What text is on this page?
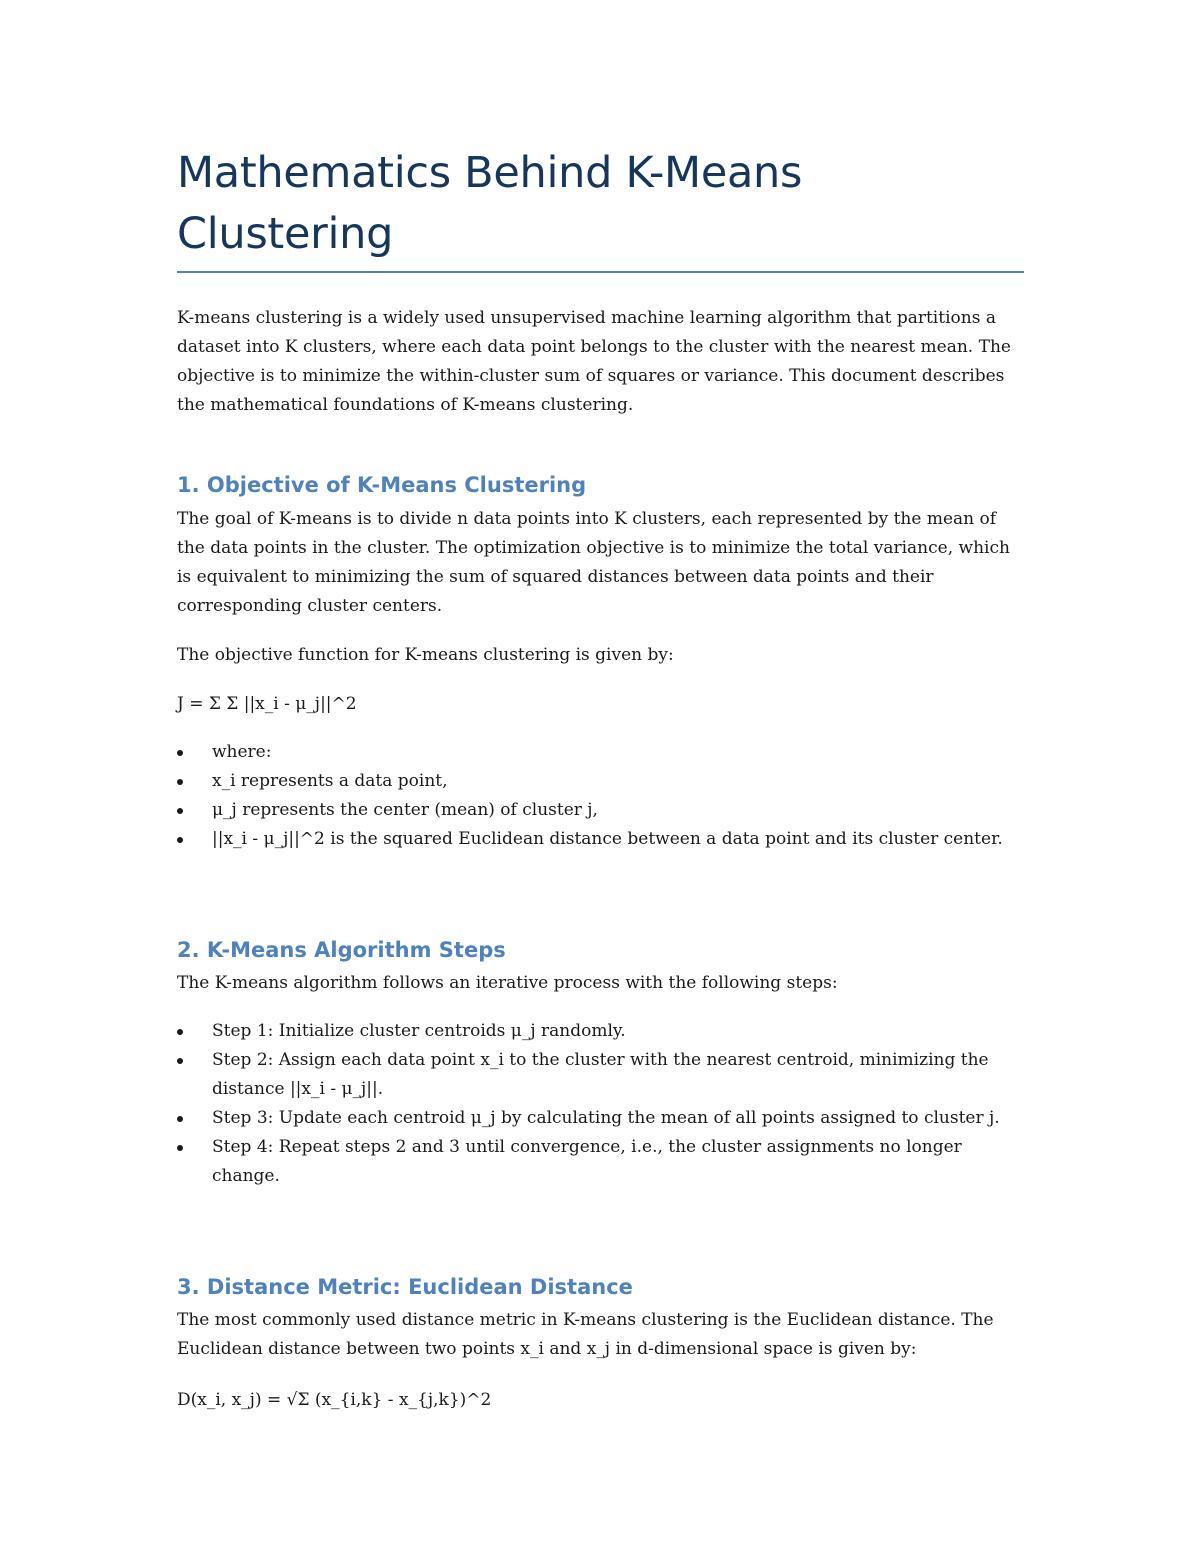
Mathematics Behind K-Means Clustering

K-means clustering is a widely used unsupervised machine learning algorithm that partitions a dataset into K clusters, where each data point belongs to the cluster with the nearest mean. The objective is to minimize the within-cluster sum of squares or variance. This document describes the mathematical foundations of K-means clustering.

1. Objective of K-Means Clustering

The goal of K-means is to divide n data points into K clusters, each represented by the mean of the data points in the cluster. The optimization objective is to minimize the total variance, which is equivalent to minimizing the sum of squared distances between data points and their corresponding cluster centers.

The objective function for K-means clustering is given by:

J = Σ Σ ||x_i - μ_j||^2

where:
x_i represents a data point,
μ_j represents the center (mean) of cluster j,
||x_i - μ_j||^2 is the squared Euclidean distance between a data point and its cluster center.
2. K-Means Algorithm Steps

The K-means algorithm follows an iterative process with the following steps:

Step 1: Initialize cluster centroids μ_j randomly.
Step 2: Assign each data point x_i to the cluster with the nearest centroid, minimizing the distance ||x_i - μ_j||.
Step 3: Update each centroid μ_j by calculating the mean of all points assigned to cluster j.
Step 4: Repeat steps 2 and 3 until convergence, i.e., the cluster assignments no longer change.
3. Distance Metric: Euclidean Distance

The most commonly used distance metric in K-means clustering is the Euclidean distance. The Euclidean distance between two points x_i and x_j in d-dimensional space is given by:

D(x_i, x_j) = √Σ (x_{i,k} - x_{j,k})^2
